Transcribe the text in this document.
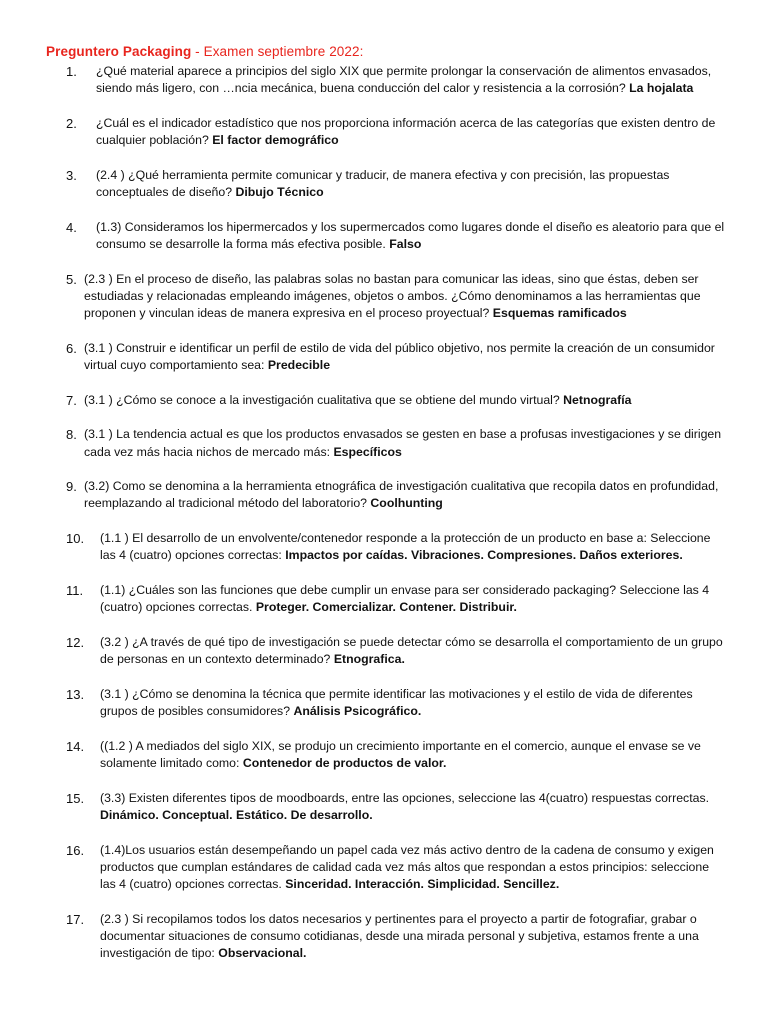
Preguntero Packaging - Examen septiembre 2022:
1.	¿Qué material aparece a principios del siglo XIX que permite prolongar la conservación de alimentos envasados, siendo más ligero, con …ncia mecánica, buena conducción del calor y resistencia a la corrosión? La hojalata
2.	¿Cuál es el indicador estadístico que nos proporciona información acerca de las categorías que existen dentro de cualquier población? El factor demográfico
3.	(2.4 ) ¿Qué herramienta permite comunicar y traducir, de manera efectiva y con precisión, las propuestas conceptuales de diseño? Dibujo Técnico
4.	(1.3) Consideramos los hipermercados y los supermercados como lugares donde el diseño es aleatorio para que el consumo se desarrolle la forma más efectiva posible. Falso
5. (2.3 ) En el proceso de diseño, las palabras solas no bastan para comunicar las ideas, sino que éstas, deben ser estudiadas y relacionadas empleando imágenes, objetos o ambos. ¿Cómo denominamos a las herramientas que proponen y vinculan ideas de manera expresiva en el proceso proyectual? Esquemas ramificados
6. (3.1 ) Construir e identificar un perfil de estilo de vida del público objetivo, nos permite la creación de un consumidor virtual cuyo comportamiento sea: Predecible
7. (3.1 ) ¿Cómo se conoce a la investigación cualitativa que se obtiene del mundo virtual? Netnografía
8. (3.1 ) La tendencia actual es que los productos envasados se gesten en base a profusas investigaciones y se dirigen cada vez más hacia nichos de mercado más: Específicos
9. (3.2) Como se denomina a la herramienta etnográfica de investigación cualitativa que recopila datos en profundidad, reemplazando al tradicional método del laboratorio? Coolhunting
10.	(1.1 ) El desarrollo de un envolvente/contenedor responde a la protección de un producto en base a: Seleccione las 4 (cuatro) opciones correctas: Impactos por caídas. Vibraciones. Compresiones. Daños exteriores.
11.	(1.1) ¿Cuáles son las funciones que debe cumplir un envase para ser considerado packaging? Seleccione las 4 (cuatro) opciones correctas. Proteger. Comercializar. Contener. Distribuir.
12.	(3.2 ) ¿A través de qué tipo de investigación se puede detectar cómo se desarrolla el comportamiento de un grupo de personas en un contexto determinado? Etnografica.
13.	(3.1 ) ¿Cómo se denomina la técnica que permite identificar las motivaciones y el estilo de vida de diferentes grupos de posibles consumidores? Análisis Psicográfico.
14.	((1.2 ) A mediados del siglo XIX, se produjo un crecimiento importante en el comercio, aunque el envase se ve solamente limitado como: Contenedor de productos de valor.
15.	(3.3) Existen diferentes tipos de moodboards, entre las opciones, seleccione las 4(cuatro) respuestas correctas. Dinámico. Conceptual. Estático. De desarrollo.
16.	(1.4)Los usuarios están desempeñando un papel cada vez más activo dentro de la cadena de consumo y exigen productos que cumplan estándares de calidad cada vez más altos que respondan a estos principios: seleccione las 4 (cuatro) opciones correctas. Sinceridad. Interacción. Simplicidad. Sencillez.
17.	(2.3 ) Si recopilamos todos los datos necesarios y pertinentes para el proyecto a partir de fotografiar, grabar o documentar situaciones de consumo cotidianas, desde una mirada personal y subjetiva, estamos frente a una investigación de tipo: Observacional.
